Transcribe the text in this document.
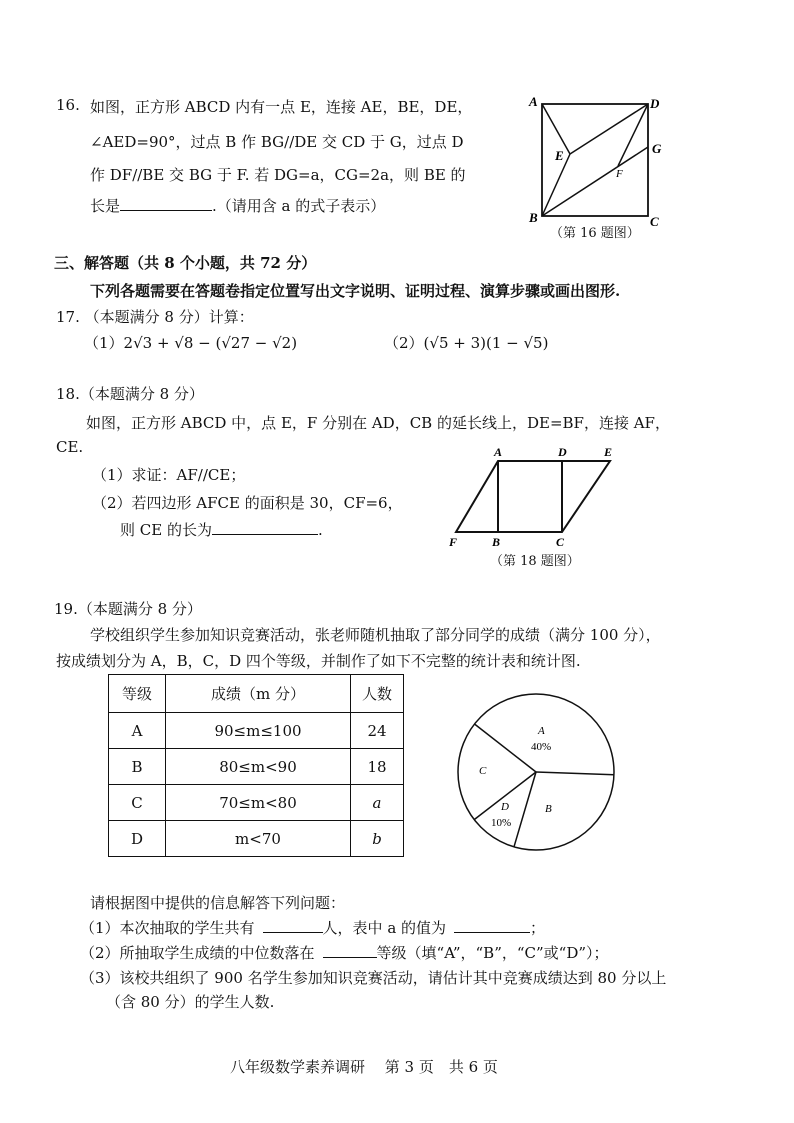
16. 如图，正方形 ABCD 内有一点 E，连接 AE，BE，DE，
∠AED=90°，过点 B 作 BG//DE 交 CD 于 G，过点 D
作 DF//BE 交 BG 于 F. 若 DG=a，CG=2a，则 BE 的
长是	.（请用含 a 的式子表示）
A	D
E	G
F
B	C
（第 16 题图）
三、解答题（共 8 个小题，共 72 分）
下列各题需要在答题卷指定位置写出文字说明、证明过程、演算步骤或画出图形.
17. （本题满分 8 分）计算：
（1）2√3 + √8 − (√27 − √2)	（2）(√5 + 3)(1 − √5)
18.（本题满分 8 分）
如图，正方形 ABCD 中，点 E，F 分别在 AD，CB 的延长线上，DE=BF，连接 AF，
CE.
（1）求证：AF//CE；
（2）若四边形 AFCE 的面积是 30，CF=6，
则 CE 的长为	.
A	D	E
F	B	C
（第 18 题图）
19.（本题满分 8 分）
学校组织学生参加知识竞赛活动，张老师随机抽取了部分同学的成绩（满分 100 分），
按成绩划分为 A，B，C，D 四个等级，并制作了如下不完整的统计表和统计图.
等级	成绩（m 分）	人数
A	90≤m≤100	24
B	80≤m<90	18
C	70≤m<80	a
D	m<70	b
A
40%
B
C
D
10%
请根据图中提供的信息解答下列问题：
（1）本次抽取的学生共有	人，表中 a 的值为	；
（2）所抽取学生成绩的中位数落在	等级（填“A”，“B”，“C”或“D”）；
（3）该校共组织了 900 名学生参加知识竞赛活动，请估计其中竞赛成绩达到 80 分以上
（含 80 分）的学生人数.
八年级数学素养调研　 第 3 页　共 6 页
